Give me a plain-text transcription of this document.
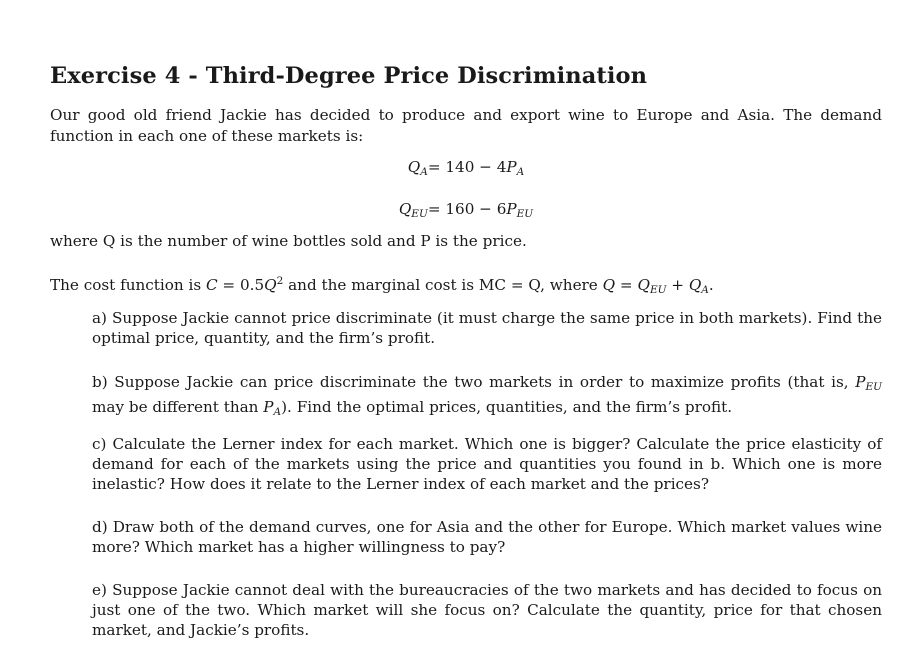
Exercise 4 - Third-Degree Price Discrimination

Our good old friend Jackie has decided to produce and export wine to Europe and Asia. The demand function in each one of these markets is:

$Q_A= 140 - 4P_A$
$Q_{EU}= 160 - 6P_{EU}$

where Q is the number of wine bottles sold and P is the price.

The cost function is $C = 0.5Q^2$ and the marginal cost is MC = Q, where $Q = Q_{EU} + Q_A$.

a) Suppose Jackie cannot price discriminate (it must charge the same price in both markets). Find the optimal price, quantity, and the firm’s profit.

b) Suppose Jackie can price discriminate the two markets in order to maximize profits (that is, $P_{EU}$ may be different than $P_A$). Find the optimal prices, quantities, and the firm’s profit.

c) Calculate the Lerner index for each market. Which one is bigger? Calculate the price elasticity of demand for each of the markets using the price and quantities you found in b. Which one is more inelastic? How does it relate to the Lerner index of each market and the prices?

d) Draw both of the demand curves, one for Asia and the other for Europe. Which market values wine more? Which market has a higher willingness to pay?

e) Suppose Jackie cannot deal with the bureaucracies of the two markets and has decided to focus on just one of the two. Which market will she focus on? Calculate the quantity, price for that chosen market, and Jackie’s profits.
